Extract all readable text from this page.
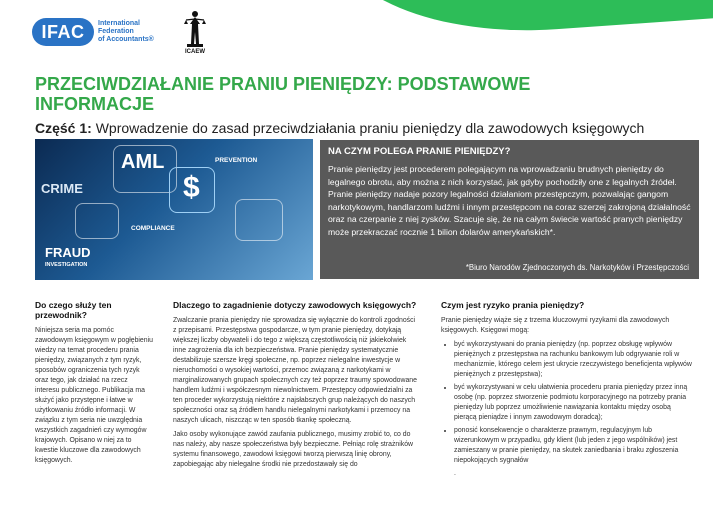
IFAC	International
Federation
of Accountants®
ICAEW
PRZECIWDZIAŁANIE PRANIU PIENIĘDZY: PODSTAWOWE INFORMACJE
Część 1: Wprowadzenie do zasad przeciwdziałania praniu pieniędzy dla zawodowych księgowych
AML
$
PREVENTION
CRIME
COMPLIANCE
FRAUD
INVESTIGATION
NA CZYM POLEGA PRANIE PIENIĘDZY?
Pranie pieniędzy jest procederem polegającym na wprowadzaniu brudnych pieniędzy do legalnego obrotu, aby można z nich korzystać, jak gdyby pochodziły one z legalnych źródeł. Pranie pieniędzy nadaje pozory legalności działaniom przestępczym, pozwalając gangom narkotykowym, handlarzom ludźmi i innym przestępcom na coraz szerzej zakrojoną działalność oraz na czerpanie z niej zysków. Szacuje się, że na całym świecie wartość pranych pieniędzy może przekraczać rocznie 1 bilion dolarów amerykańskich*.
*Biuro Narodów Zjednoczonych ds. Narkotyków i Przestępczości
Do czego służy ten przewodnik?

Niniejsza seria ma pomóc zawodowym księgowym w pogłębieniu wiedzy na temat procederu prania pieniędzy, związanych z tym ryzyk, sposobów ograniczenia tych ryzyk oraz tego, jak działać na rzecz interesu publicznego. Publikacja ma służyć jako przystępne i łatwe w użytkowaniu źródło informacji. W związku z tym seria nie uwzględnia wszystkich zagadnień czy wymogów krajowych. Opisano w niej za to kwestie kluczowe dla zawodowych księgowych.

Dlaczego to zagadnienie dotyczy zawodowych księgowych?

Zwalczanie prania pieniędzy nie sprowadza się wyłącznie do kontroli zgodności z przepisami. Przestępstwa gospodarcze, w tym pranie pieniędzy, dotykają większej liczby obywateli i do tego z większą częstotliwością niż jakiekolwiek inne zagrożenia dla ich bezpieczeństwa. Pranie pieniędzy systematycznie destabilizuje szersze kręgi społeczne, np. poprzez nielegalne inwestycje w nieruchomości o wysokiej wartości, przemoc związaną z narkotykami w marginalizowanych grupach społecznych czy też poprzez traumy spowodowane handlem ludźmi i współczesnym niewolnictwem. Przestępcy odpowiedzialni za ten proceder wykorzystują niektóre z najsłabszych grup należących do naszych społeczności oraz są źródłem handlu nielegalnymi narkotykami i przemocy na naszych ulicach, niszcząc w ten sposób tkankę społeczną.

Jako osoby wykonujące zawód zaufania publicznego, musimy zrobić to, co do nas należy, aby nasze społeczeństwa były bezpieczne. Pełniąc rolę strażników systemu finansowego, zawodowi księgowi tworzą pierwszą linię obrony, zapobiegając aby nielegalne środki nie przedostawały się do

Czym jest ryzyko prania pieniędzy?

Pranie pieniędzy wiąże się z trzema kluczowymi ryzykami dla zawodowych księgowych. Księgowi mogą:

• być wykorzystywani do prania pieniędzy (np. poprzez obsługę wpływów pieniężnych z przestępstwa na rachunku bankowym lub odgrywanie roli w mechanizmie, którego celem jest ukrycie rzeczywistego beneficjenta wpływów pieniężnych z przestępstwa);
• być wykorzystywani w celu ułatwienia procederu prania pieniędzy przez inną osobę (np. poprzez stworzenie podmiotu korporacyjnego na potrzeby prania pieniędzy lub poprzez umożliwienie nawiązania kontaktu między osobą pierącą pieniądze i innym zawodowym doradcą);
• ponosić konsekwencje o charakterze prawnym, regulacyjnym lub wizerunkowym w przypadku, gdy klient (lub jeden z jego wspólników) jest zamieszany w pranie pieniędzy, na skutek zaniedbania i braku zgłoszenia niepokojących sygnałów

.
